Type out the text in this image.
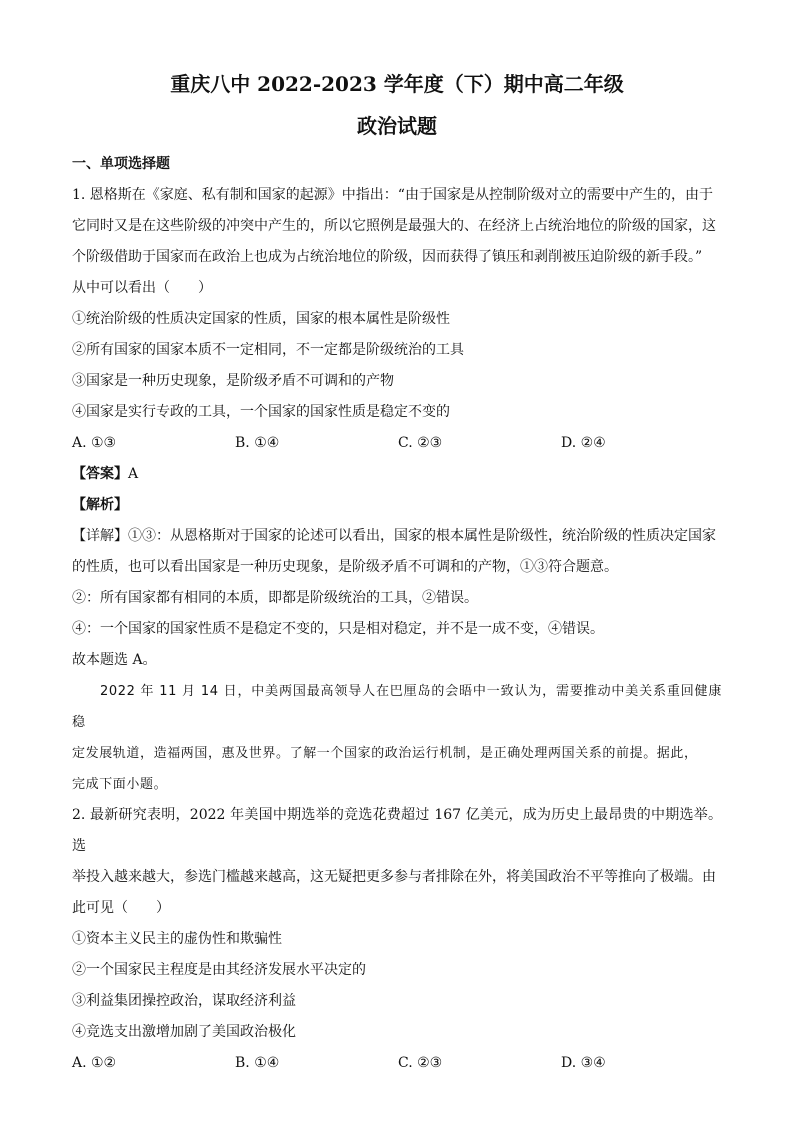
重庆八中 2022-2023 学年度（下）期中高二年级
政治试题
一、单项选择题

1. 恩格斯在《家庭、私有制和国家的起源》中指出：“由于国家是从控制阶级对立的需要中产生的，由于

它同时又是在这些阶级的冲突中产生的，所以它照例是最强大的、在经济上占统治地位的阶级的国家，这

个阶级借助于国家而在政治上也成为占统治地位的阶级，因而获得了镇压和剥削被压迫阶级的新手段。”

从中可以看出（　　）

①统治阶级的性质决定国家的性质，国家的根本属性是阶级性

②所有国家的国家本质不一定相同，不一定都是阶级统治的工具

③国家是一种历史现象，是阶级矛盾不可调和的产物

④国家是实行专政的工具，一个国家的国家性质是稳定不变的

A. ①③	B. ①④	C. ②③	D. ②④

【答案】A

【解析】

【详解】①③：从恩格斯对于国家的论述可以看出，国家的根本属性是阶级性，统治阶级的性质决定国家

的性质，也可以看出国家是一种历史现象，是阶级矛盾不可调和的产物，①③符合题意。

②：所有国家都有相同的本质，即都是阶级统治的工具，②错误。

④：一个国家的国家性质不是稳定不变的，只是相对稳定，并不是一成不变，④错误。

故本题选 A。

2022 年 11 月 14 日，中美两国最高领导人在巴厘岛的会晤中一致认为，需要推动中美关系重回健康稳

定发展轨道，造福两国，惠及世界。了解一个国家的政治运行机制，是正确处理两国关系的前提。据此，

完成下面小题。

2. 最新研究表明，2022 年美国中期选举的竞选花费超过 167 亿美元，成为历史上最昂贵的中期选举。选

举投入越来越大，参选门槛越来越高，这无疑把更多参与者排除在外，将美国政治不平等推向了极端。由

此可见（　　）

①资本主义民主的虚伪性和欺骗性

②一个国家民主程度是由其经济发展水平决定的

③利益集团操控政治，谋取经济利益

④竞选支出激增加剧了美国政治极化

A. ①②	B. ①④	C. ②③	D. ③④
